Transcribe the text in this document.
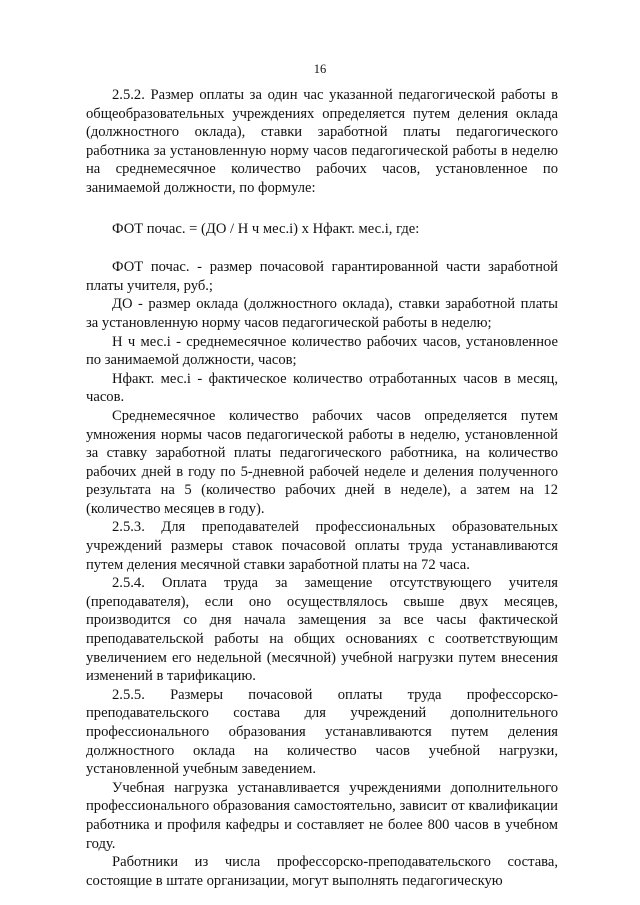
16

2.5.2. Размер оплаты за один час указанной педагогической работы в общеобразовательных учреждениях определяется путем деления оклада (должностного оклада), ставки заработной платы педагогического работника за установленную норму часов педагогической работы в неделю на среднемесячное количество рабочих часов, установленное по занимаемой должности, по формуле:

ФОТ почас. = (ДО / Н ч мес.i) х Нфакт. мес.i, где:

ФОТ почас. - размер почасовой гарантированной части заработной платы учителя, руб.;

ДО - размер оклада (должностного оклада), ставки заработной платы за установленную норму часов педагогической работы в неделю;

Н ч мес.i - среднемесячное количество рабочих часов, установленное по занимаемой должности, часов;

Нфакт. мес.i - фактическое количество отработанных часов в месяц, часов.

Среднемесячное количество рабочих часов определяется путем умножения нормы часов педагогической работы в неделю, установленной за ставку заработной платы педагогического работника, на количество рабочих дней в году по 5-дневной рабочей неделе и деления полученного результата на 5 (количество рабочих дней в неделе), а затем на 12 (количество месяцев в году).

2.5.3. Для преподавателей профессиональных образовательных учреждений размеры ставок почасовой оплаты труда устанавливаются путем деления месячной ставки заработной платы на 72 часа.

2.5.4. Оплата труда за замещение отсутствующего учителя (преподавателя), если оно осуществлялось свыше двух месяцев, производится со дня начала замещения за все часы фактической преподавательской работы на общих основаниях с соответствующим увеличением его недельной (месячной) учебной нагрузки путем внесения изменений в тарификацию.

2.5.5. Размеры почасовой оплаты труда профессорско-преподавательского состава для учреждений дополнительного профессионального образования устанавливаются путем деления должностного оклада на количество часов учебной нагрузки, установленной учебным заведением.

Учебная нагрузка устанавливается учреждениями дополнительного профессионального образования самостоятельно, зависит от квалификации работника и профиля кафедры и составляет не более 800 часов в учебном году.

Работники из числа профессорско-преподавательского состава, состоящие в штате организации, могут выполнять педагогическую
